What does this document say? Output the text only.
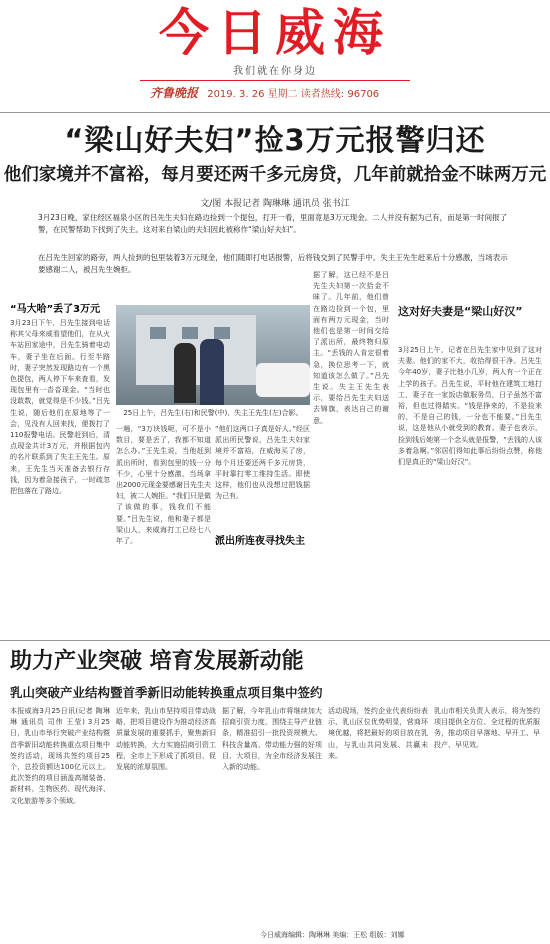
今日威海
我们就在你身边
齐鲁晚报 2019. 3. 26 星期二 读者热线: 96706
“梁山好夫妇”捡3万元报警归还
他们家境并不富裕，每月要还两千多元房贷，几年前就拾金不昧两万元
文/图 本报记者 陶琳琳 通讯员 张书江
3月23日晚，家住经区福泉小区的吕先生夫妇在路边捡到一个提包，打开一看，里面竟是3万元现金。二人并没有据为己有，而是第一时间报了警，在民警帮助下找到了失主。这对来自梁山的夫妇因此被称作“梁山好夫妇”。
在吕先生回家的路旁，两人捡到的包里装着3万元现金，他们随即打电话报警，后将钱交到了民警手中。失主王先生赶来后十分感激，当场表示要感谢二人，被吕先生婉拒。
“马大哈”丢了3万元
3月23日下午，吕先生接到电话称其父母来威看望他们，在从火车站回家途中，吕先生骑着电动车，妻子坐在后面。行至半路时，妻子突然发现路边有一个黑色提包，两人停下车来查看，发现包里有一沓沓现金。“当时也没敢数，就觉得是不少钱。”吕先生说，随后他们在原地等了一会，见没有人回来找，便拨打了110报警电话。民警赶到后，清点现金共计3万元，并根据包内的名片联系到了失主王先生。原来，王先生当天准备去银行存钱，因为着急接孩子，一时疏忽把包落在了路边。
25日上午，吕先生(右)和民警(中)、失主王先生(左)合影。
一趟，“3万块钱呢，可不是小数目，要是丢了，我都不知道怎么办。”王先生说，当他赶到派出所时，看到包里的钱一分不少，心里十分感激，当场拿出2000元现金要感谢吕先生夫妇，被二人婉拒。“我们只是做了该做的事，钱我们不能要。”吕先生说，他和妻子都是梁山人，来威海打工已经七八年了。
“他们这两口子真是好人。”经区派出所民警说，吕先生夫妇家境并不富裕，在威海买了房，每个月还要还两千多元房贷，平时靠打零工维持生活。即使这样，他们也从没想过把钱据为己有。
派出所连夜寻找失主
据了解，这已经不是吕先生夫妇第一次拾金不昧了。几年前，他们曾在路边捡到一个包，里面有两万元现金，当时他们也是第一时间交给了派出所，最终物归原主。“丢钱的人肯定很着急，换位思考一下，就知道该怎么做了。”吕先生说。失主王先生表示，要给吕先生夫妇送去锦旗，表达自己的谢意。
这对好夫妻是“梁山好汉”
3月25日上午，记者在吕先生家中见到了这对夫妻。他们的家不大，收拾得很干净。吕先生今年40岁，妻子比他小几岁，两人有一个正在上学的孩子。吕先生说，平时他在建筑工地打工，妻子在一家饭店做服务员，日子虽然不富裕，但也过得踏实。“钱是挣来的，不是捡来的，不是自己的钱，一分也不能要。”吕先生说，这是他从小就受到的教育。妻子也表示，捡到钱后她第一个念头就是报警，“丢钱的人该多着急啊。”邻居们得知此事后纷纷点赞，称他们是真正的“梁山好汉”。
助力产业突破 培育发展新动能
乳山突破产业结构暨首季新旧动能转换重点项目集中签约
本报威海3月25日讯(记者 陶琳琳 通讯员 司伟 王莹) 3月25日，乳山市举行突破产业结构暨首季新旧动能转换重点项目集中签约活动，现场共签约项目25个，总投资额达100亿元以上。此次签约的项目涵盖高端装备、新材料、生物医药、现代海洋、文化旅游等多个领域。
近年来，乳山市坚持项目带动战略，把项目建设作为推动经济高质量发展的重要抓手，聚焦新旧动能转换，大力实施招商引资工程，全市上下形成了抓项目、促发展的浓厚氛围。
据了解，今年乳山市将继续加大招商引资力度，围绕主导产业链条，精准招引一批投资规模大、科技含量高、带动能力强的好项目、大项目，为全市经济发展注入新的动能。
活动现场，签约企业代表纷纷表示，乳山区位优势明显，营商环境优越，将把最好的项目放在乳山，与乳山共同发展、共赢未来。
乳山市相关负责人表示，将为签约项目提供全方位、全过程的优质服务，推动项目早落地、早开工、早投产、早见效。
今日威海编辑：陶琳琳 美编：王松 组版：刘娜
